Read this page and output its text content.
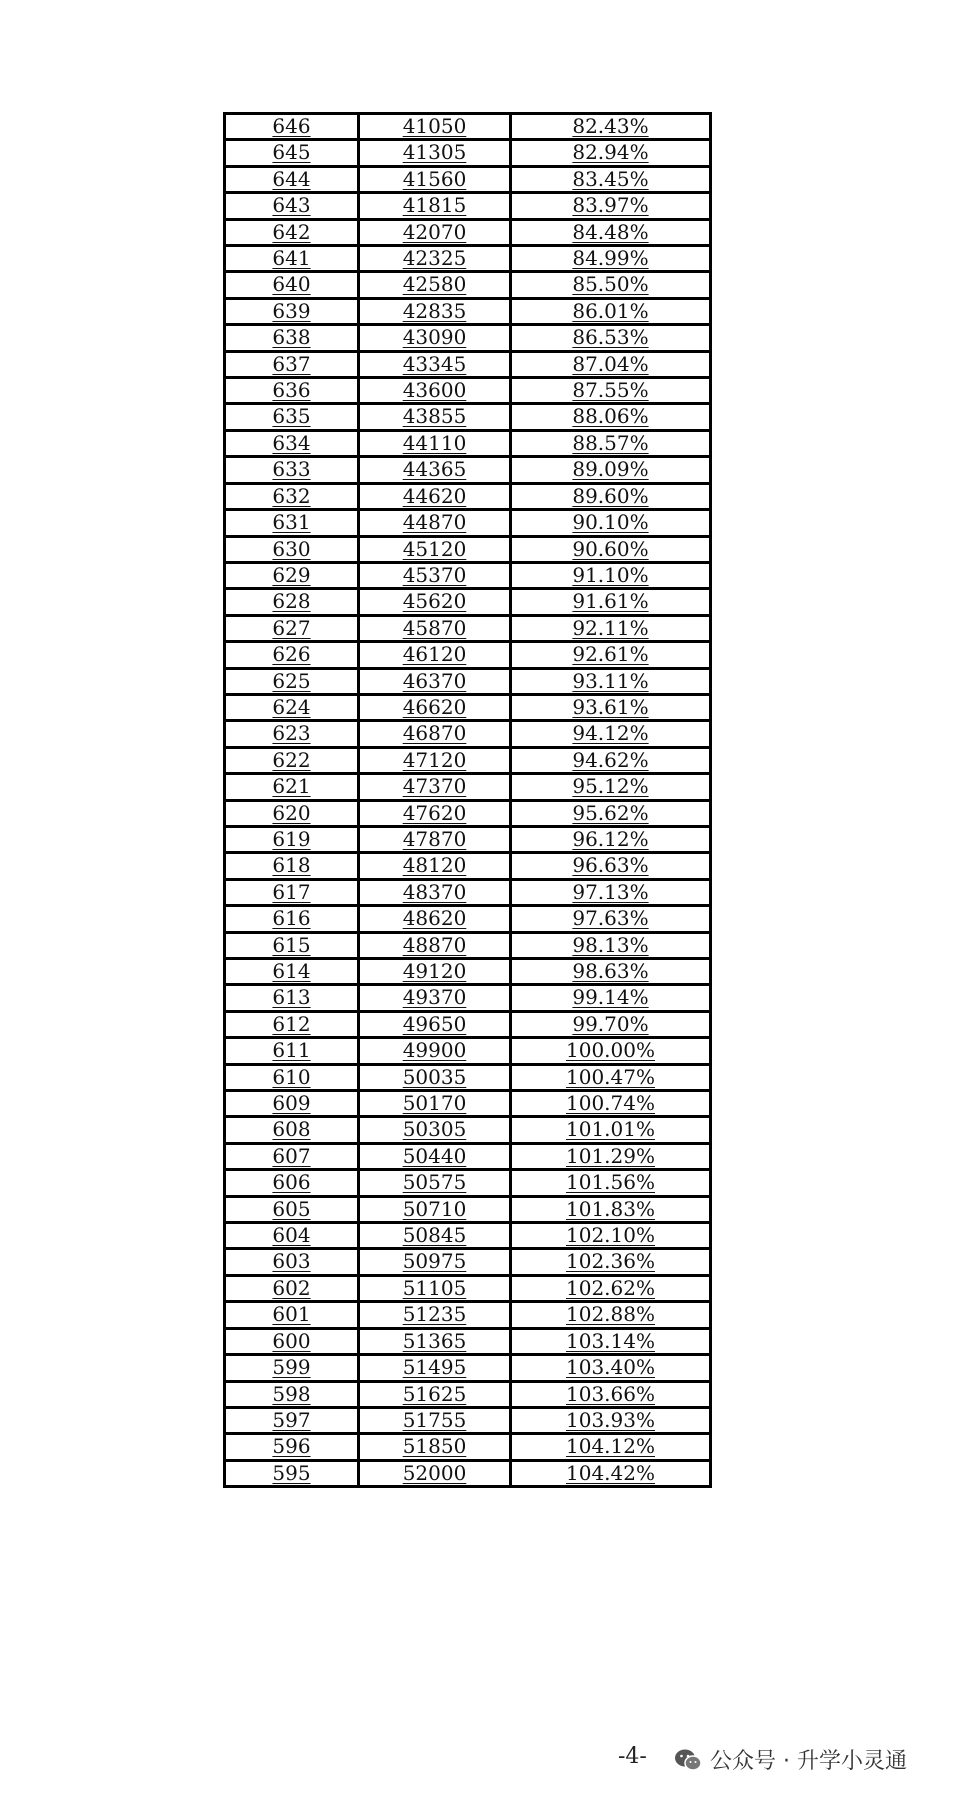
646	41050	82.43%
645	41305	82.94%
644	41560	83.45%
643	41815	83.97%
642	42070	84.48%
641	42325	84.99%
640	42580	85.50%
639	42835	86.01%
638	43090	86.53%
637	43345	87.04%
636	43600	87.55%
635	43855	88.06%
634	44110	88.57%
633	44365	89.09%
632	44620	89.60%
631	44870	90.10%
630	45120	90.60%
629	45370	91.10%
628	45620	91.61%
627	45870	92.11%
626	46120	92.61%
625	46370	93.11%
624	46620	93.61%
623	46870	94.12%
622	47120	94.62%
621	47370	95.12%
620	47620	95.62%
619	47870	96.12%
618	48120	96.63%
617	48370	97.13%
616	48620	97.63%
615	48870	98.13%
614	49120	98.63%
613	49370	99.14%
612	49650	99.70%
611	49900	100.00%
610	50035	100.47%
609	50170	100.74%
608	50305	101.01%
607	50440	101.29%
606	50575	101.56%
605	50710	101.83%
604	50845	102.10%
603	50975	102.36%
602	51105	102.62%
601	51235	102.88%
600	51365	103.14%
599	51495	103.40%
598	51625	103.66%
597	51755	103.93%
596	51850	104.12%
595	52000	104.42%
-4-	公众号 · 升学小灵通
